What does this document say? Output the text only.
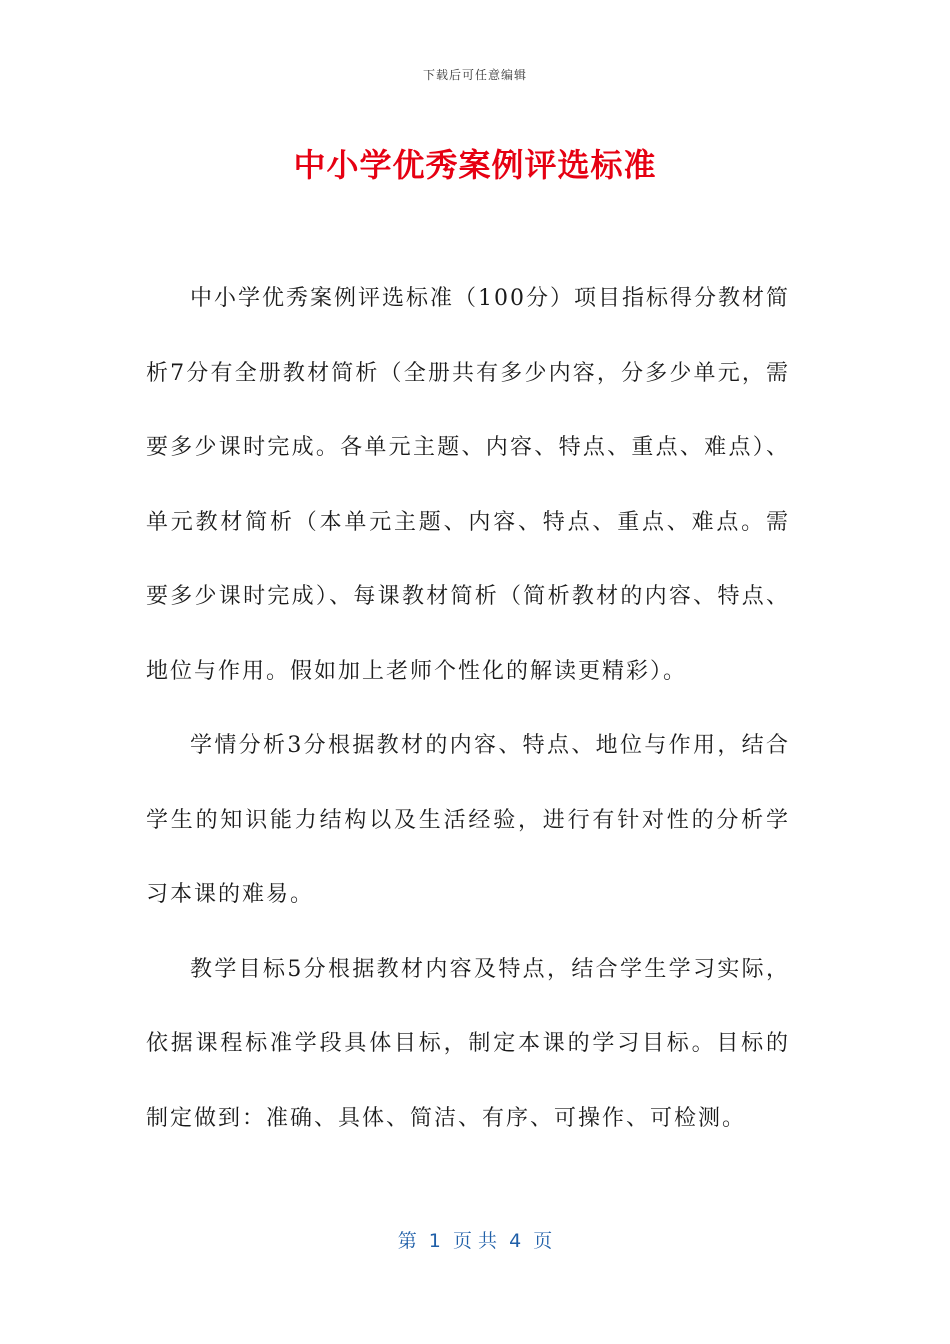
下载后可任意编辑
中小学优秀案例评选标准

中小学优秀案例评选标准（100分）项目指标得分教材简析7分有全册教材简析（全册共有多少内容，分多少单元，需要多少课时完成。各单元主题、内容、特点、重点、难点）、单元教材简析（本单元主题、内容、特点、重点、难点。需要多少课时完成）、每课教材简析（简析教材的内容、特点、地位与作用。假如加上老师个性化的解读更精彩）。

学情分析3分根据教材的内容、特点、地位与作用，结合学生的知识能力结构以及生活经验，进行有针对性的分析学习本课的难易。

教学目标5分根据教材内容及特点，结合学生学习实际，依据课程标准学段具体目标，制定本课的学习目标。目标的制定做到：准确、具体、简洁、有序、可操作、可检测。

第  1  页 共  4  页
